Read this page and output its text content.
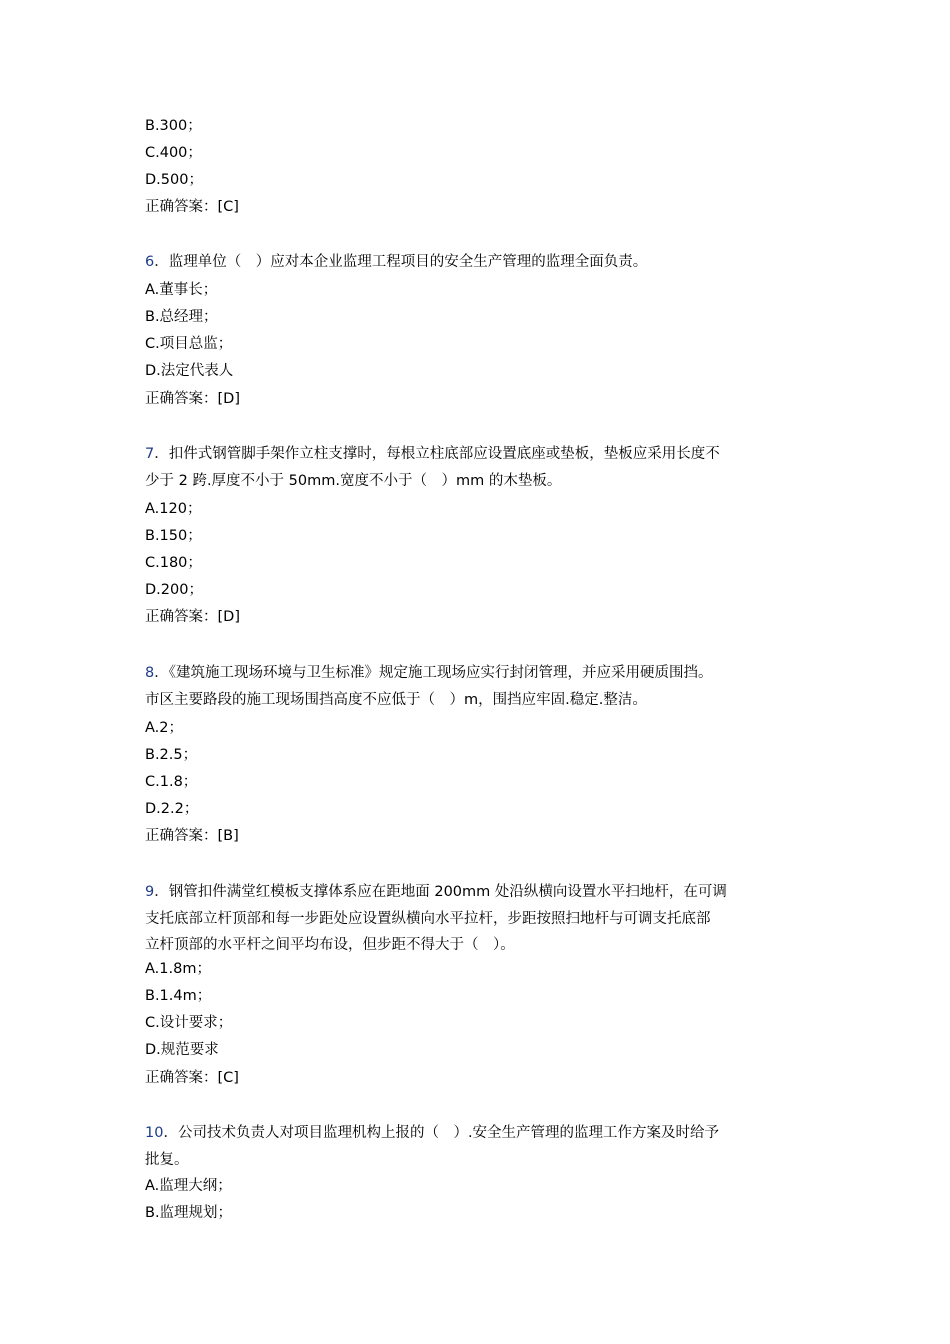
B.300；
C.400；
D.500；
正确答案：[C]
6．监理单位（　）应对本企业监理工程项目的安全生产管理的监理全面负责。
A.董事长；
B.总经理；
C.项目总监；
D.法定代表人
正确答案：[D]
7．扣件式钢管脚手架作立柱支撑时，每根立柱底部应设置底座或垫板，垫板应采用长度不
少于 2 跨.厚度不小于 50mm.宽度不小于（　）mm 的木垫板。
A.120；
B.150；
C.180；
D.200；
正确答案：[D]
8．《建筑施工现场环境与卫生标准》规定施工现场应实行封闭管理，并应采用硬质围挡。
市区主要路段的施工现场围挡高度不应低于（　）m，围挡应牢固.稳定.整洁。
A.2；
B.2.5；
C.1.8；
D.2.2；
正确答案：[B]
9．钢管扣件满堂红模板支撑体系应在距地面 200mm 处沿纵横向设置水平扫地杆，在可调
支托底部立杆顶部和每一步距处应设置纵横向水平拉杆，步距按照扫地杆与可调支托底部
立杆顶部的水平杆之间平均布设，但步距不得大于（　）。
A.1.8m；
B.1.4m；
C.设计要求；
D.规范要求
正确答案：[C]
10．公司技术负责人对项目监理机构上报的（　）.安全生产管理的监理工作方案及时给予
批复。
A.监理大纲；
B.监理规划；
